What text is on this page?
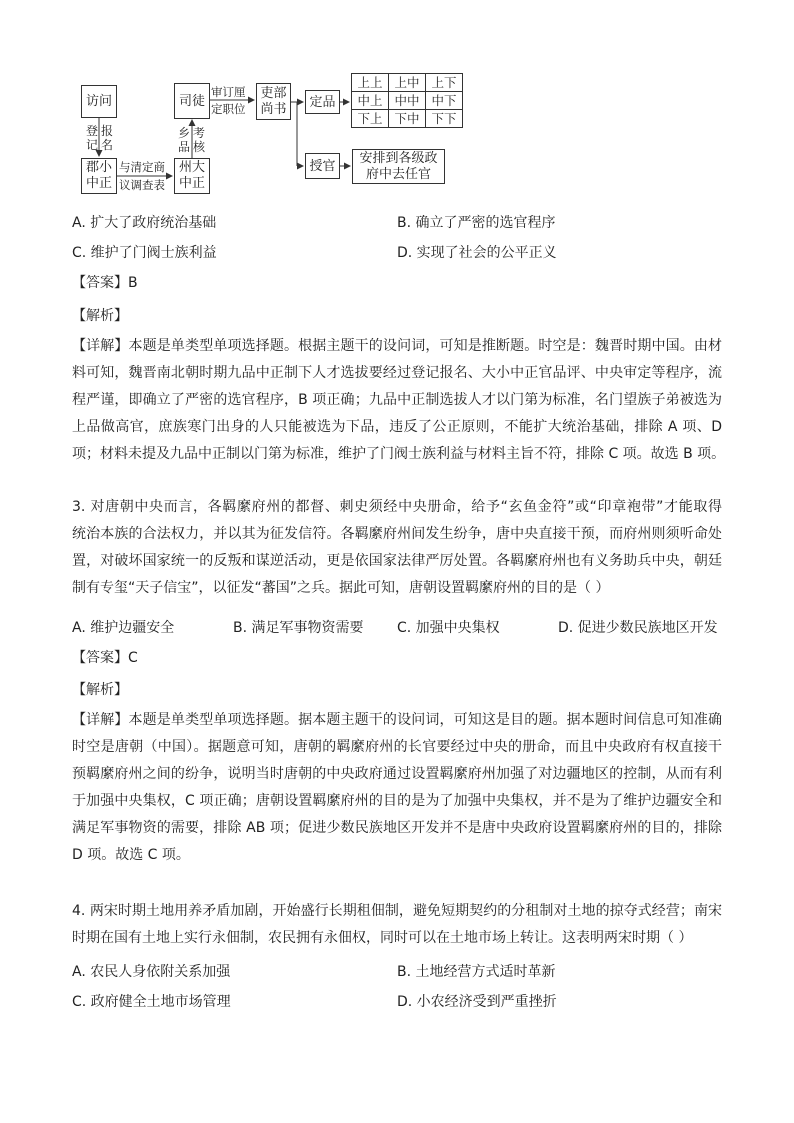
访问	司徒
吏部
尚书 定品
授官
郡小
中正
州大
中正
安排到各级政
府中去任官
登记
报名
考核
乡品
审订厘
定职位
与清定商
议调查表
上上	上中	上下
中上	中中	中下
下上	下中	下下
A. 扩大了政府统治基础	B. 确立了严密的选官程序
C. 维护了门阀士族利益	D. 实现了社会的公平正义
【答案】B
【解析】
【详解】本题是单类型单项选择题。根据主题干的设问词，可知是推断题。时空是：魏晋时期中国。由材
料可知，魏晋南北朝时期九品中正制下人才选拔要经过登记报名、大小中正官品评、中央审定等程序，流
程严谨，即确立了严密的选官程序，B 项正确；九品中正制选拔人才以门第为标准，名门望族子弟被选为
上品做高官，庶族寒门出身的人只能被选为下品，违反了公正原则，不能扩大统治基础，排除 A 项、D
项；材料未提及九品中正制以门第为标准，维护了门阀士族利益与材料主旨不符，排除 C 项。故选 B 项。
3. 对唐朝中央而言，各羁縻府州的都督、刺史须经中央册命，给予“玄鱼金符”或“印章袍带”才能取得
统治本族的合法权力，并以其为征发信符。各羁縻府州间发生纷争，唐中央直接干预，而府州则须听命处
置，对破坏国家统一的反叛和谋逆活动，更是依国家法律严厉处置。各羁縻府州也有义务助兵中央，朝廷
制有专玺“天子信宝”，以征发“蕃国”之兵。据此可知，唐朝设置羁縻府州的目的是（ ）
A. 维护边疆安全	B. 满足军事物资需要 C. 加强中央集权	D. 促进少数民族地区开发
【答案】C
【解析】
【详解】本题是单类型单项选择题。据本题主题干的设问词，可知这是目的题。据本题时间信息可知准确
时空是唐朝（中国）。据题意可知，唐朝的羁縻府州的长官要经过中央的册命，而且中央政府有权直接干
预羁縻府州之间的纷争，说明当时唐朝的中央政府通过设置羁縻府州加强了对边疆地区的控制，从而有利
于加强中央集权，C 项正确；唐朝设置羁縻府州的目的是为了加强中央集权，并不是为了维护边疆安全和
满足军事物资的需要，排除 AB 项；促进少数民族地区开发并不是唐中央政府设置羁縻府州的目的，排除
D 项。故选 C 项。
4. 两宋时期土地用养矛盾加剧，开始盛行长期租佃制，避免短期契约的分租制对土地的掠夺式经营；南宋
时期在国有土地上实行永佃制，农民拥有永佃权，同时可以在土地市场上转让。这表明两宋时期（ ）
A. 农民人身依附关系加强	B. 土地经营方式适时革新
C. 政府健全土地市场管理	D. 小农经济受到严重挫折
